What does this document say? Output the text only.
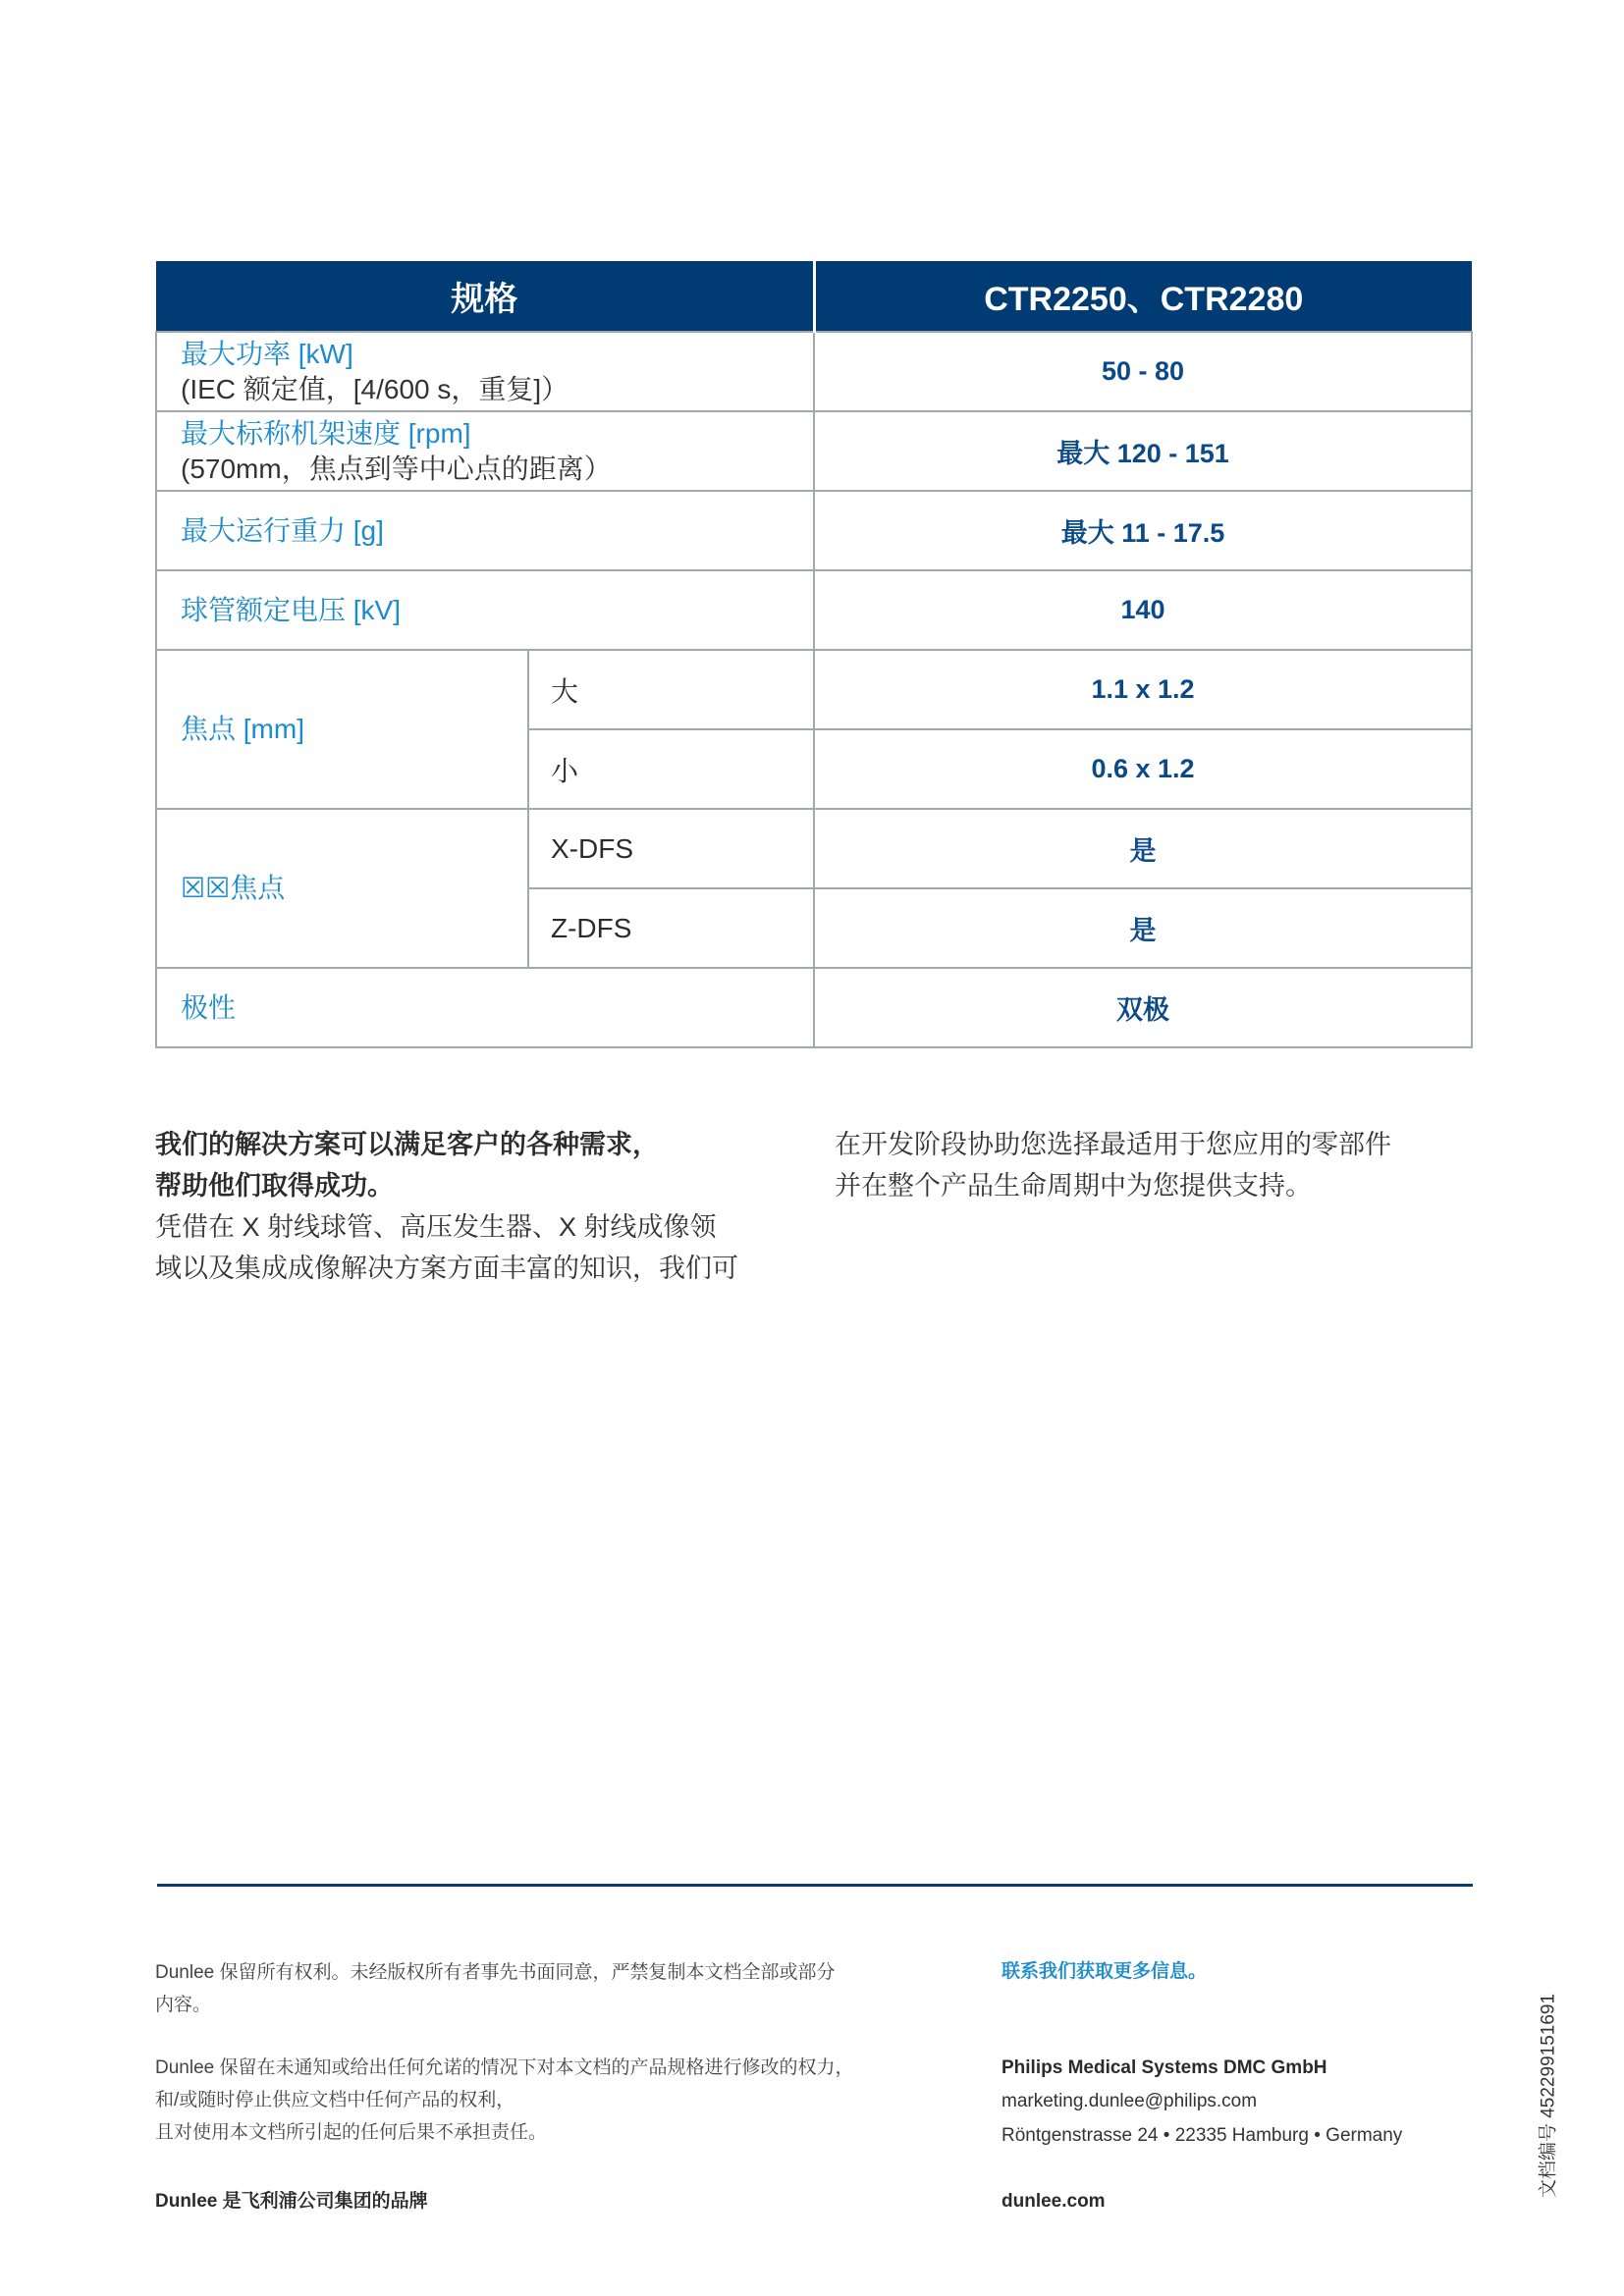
规格		CTR2250、CTR2280

最大功率 [kW]
(IEC 额定值，[4/600 s，重复]）		50 - 80

最大标称机架速度 [rpm]
(570mm，焦点到等中心点的距离）		最大 120 - 151
最大运行重力 [g]		最大 11 - 17.5
球管额定电压 [kV]		140
焦点 [mm]	大	1.1 x 1.2
	小	0.6 x 1.2
☒☒焦点	X-DFS	是
	Z-DFS	是
极性		双极
我们的解决方案可以满足客户的各种需求，
帮助他们取得成功。
凭借在 X 射线球管、高压发生器、X 射线成像领
域以及集成成像解决方案方面丰富的知识，我们可
在开发阶段协助您选择最适用于您应用的零部件
并在整个产品生命周期中为您提供支持。
Dunlee 保留所有权利。未经版权所有者事先书面同意，严禁复制本文档全部或部分
内容。
Dunlee 保留在未通知或给出任何允诺的情况下对本文档的产品规格进行修改的权力，
和/或随时停止供应文档中任何产品的权利，
且对使用本文档所引起的任何后果不承担责任。
Dunlee 是飞利浦公司集团的品牌
联系我们获取更多信息。
Philips Medical Systems DMC GmbH
marketing.dunlee@philips.com
Röntgenstrasse 24 • 22335 Hamburg • Germany
dunlee.com
文档编号 452299151691
